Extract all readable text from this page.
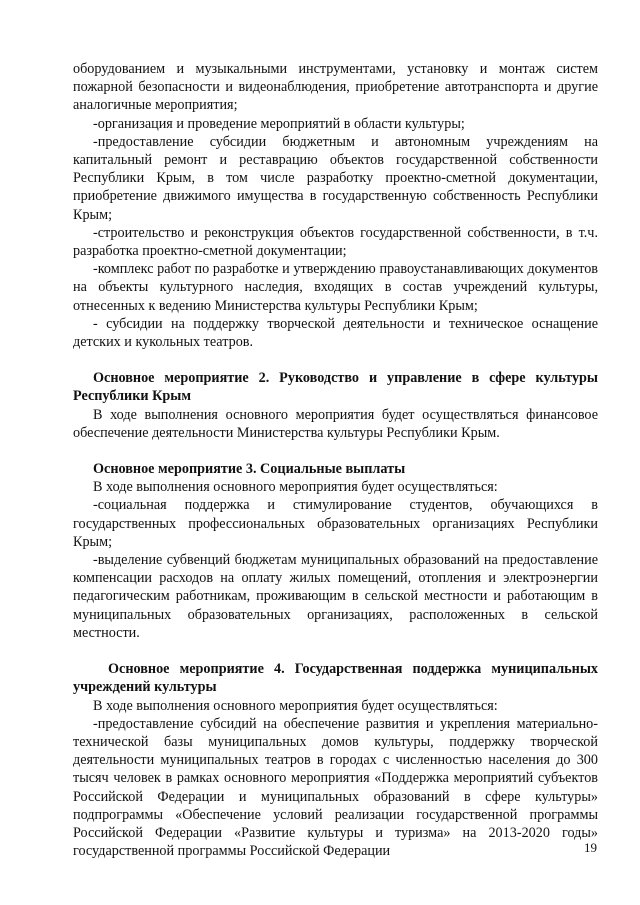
оборудованием и музыкальными инструментами, установку и монтаж систем пожарной безопасности и видеонаблюдения, приобретение автотранспорта и другие аналогичные мероприятия;

-организация и проведение мероприятий в области культуры;

-предоставление субсидии бюджетным и автономным учреждениям на капитальный ремонт и реставрацию объектов государственной собственности Республики Крым, в том числе разработку проектно-сметной документации, приобретение движимого имущества в государственную собственность Республики Крым;

-строительство и реконструкция объектов государственной собственности, в т.ч. разработка проектно-сметной документации;

-комплекс работ по разработке и утверждению правоустанавливающих документов на объекты культурного наследия, входящих в состав учреждений культуры, отнесенных к ведению Министерства культуры Республики Крым;

- субсидии на поддержку творческой деятельности и техническое оснащение детских и кукольных театров.

Основное мероприятие 2. Руководство и управление в сфере культуры Республики Крым

В ходе выполнения основного мероприятия будет осуществляться финансовое обеспечение деятельности Министерства культуры Республики Крым.

Основное мероприятие 3. Социальные выплаты

В ходе выполнения основного мероприятия будет осуществляться:

-социальная поддержка и стимулирование студентов, обучающихся в государственных профессиональных образовательных организациях Республики Крым;

-выделение субвенций бюджетам муниципальных образований на предоставление компенсации расходов на оплату жилых помещений, отопления и электроэнергии педагогическим работникам, проживающим в сельской местности и работающим в муниципальных образовательных организациях, расположенных в сельской местности.

Основное мероприятие 4. Государственная поддержка муниципальных учреждений культуры

В ходе выполнения основного мероприятия будет осуществляться:

-предоставление субсидий на обеспечение развития и укрепления материально-технической базы муниципальных домов культуры, поддержку творческой деятельности муниципальных театров в городах с численностью населения до 300 тысяч человек в рамках основного мероприятия «Поддержка мероприятий субъектов Российской Федерации и муниципальных образований в сфере культуры» подпрограммы «Обеспечение условий реализации государственной программы Российской Федерации «Развитие культуры и туризма» на 2013-2020 годы» государственной программы Российской Федерации	19
